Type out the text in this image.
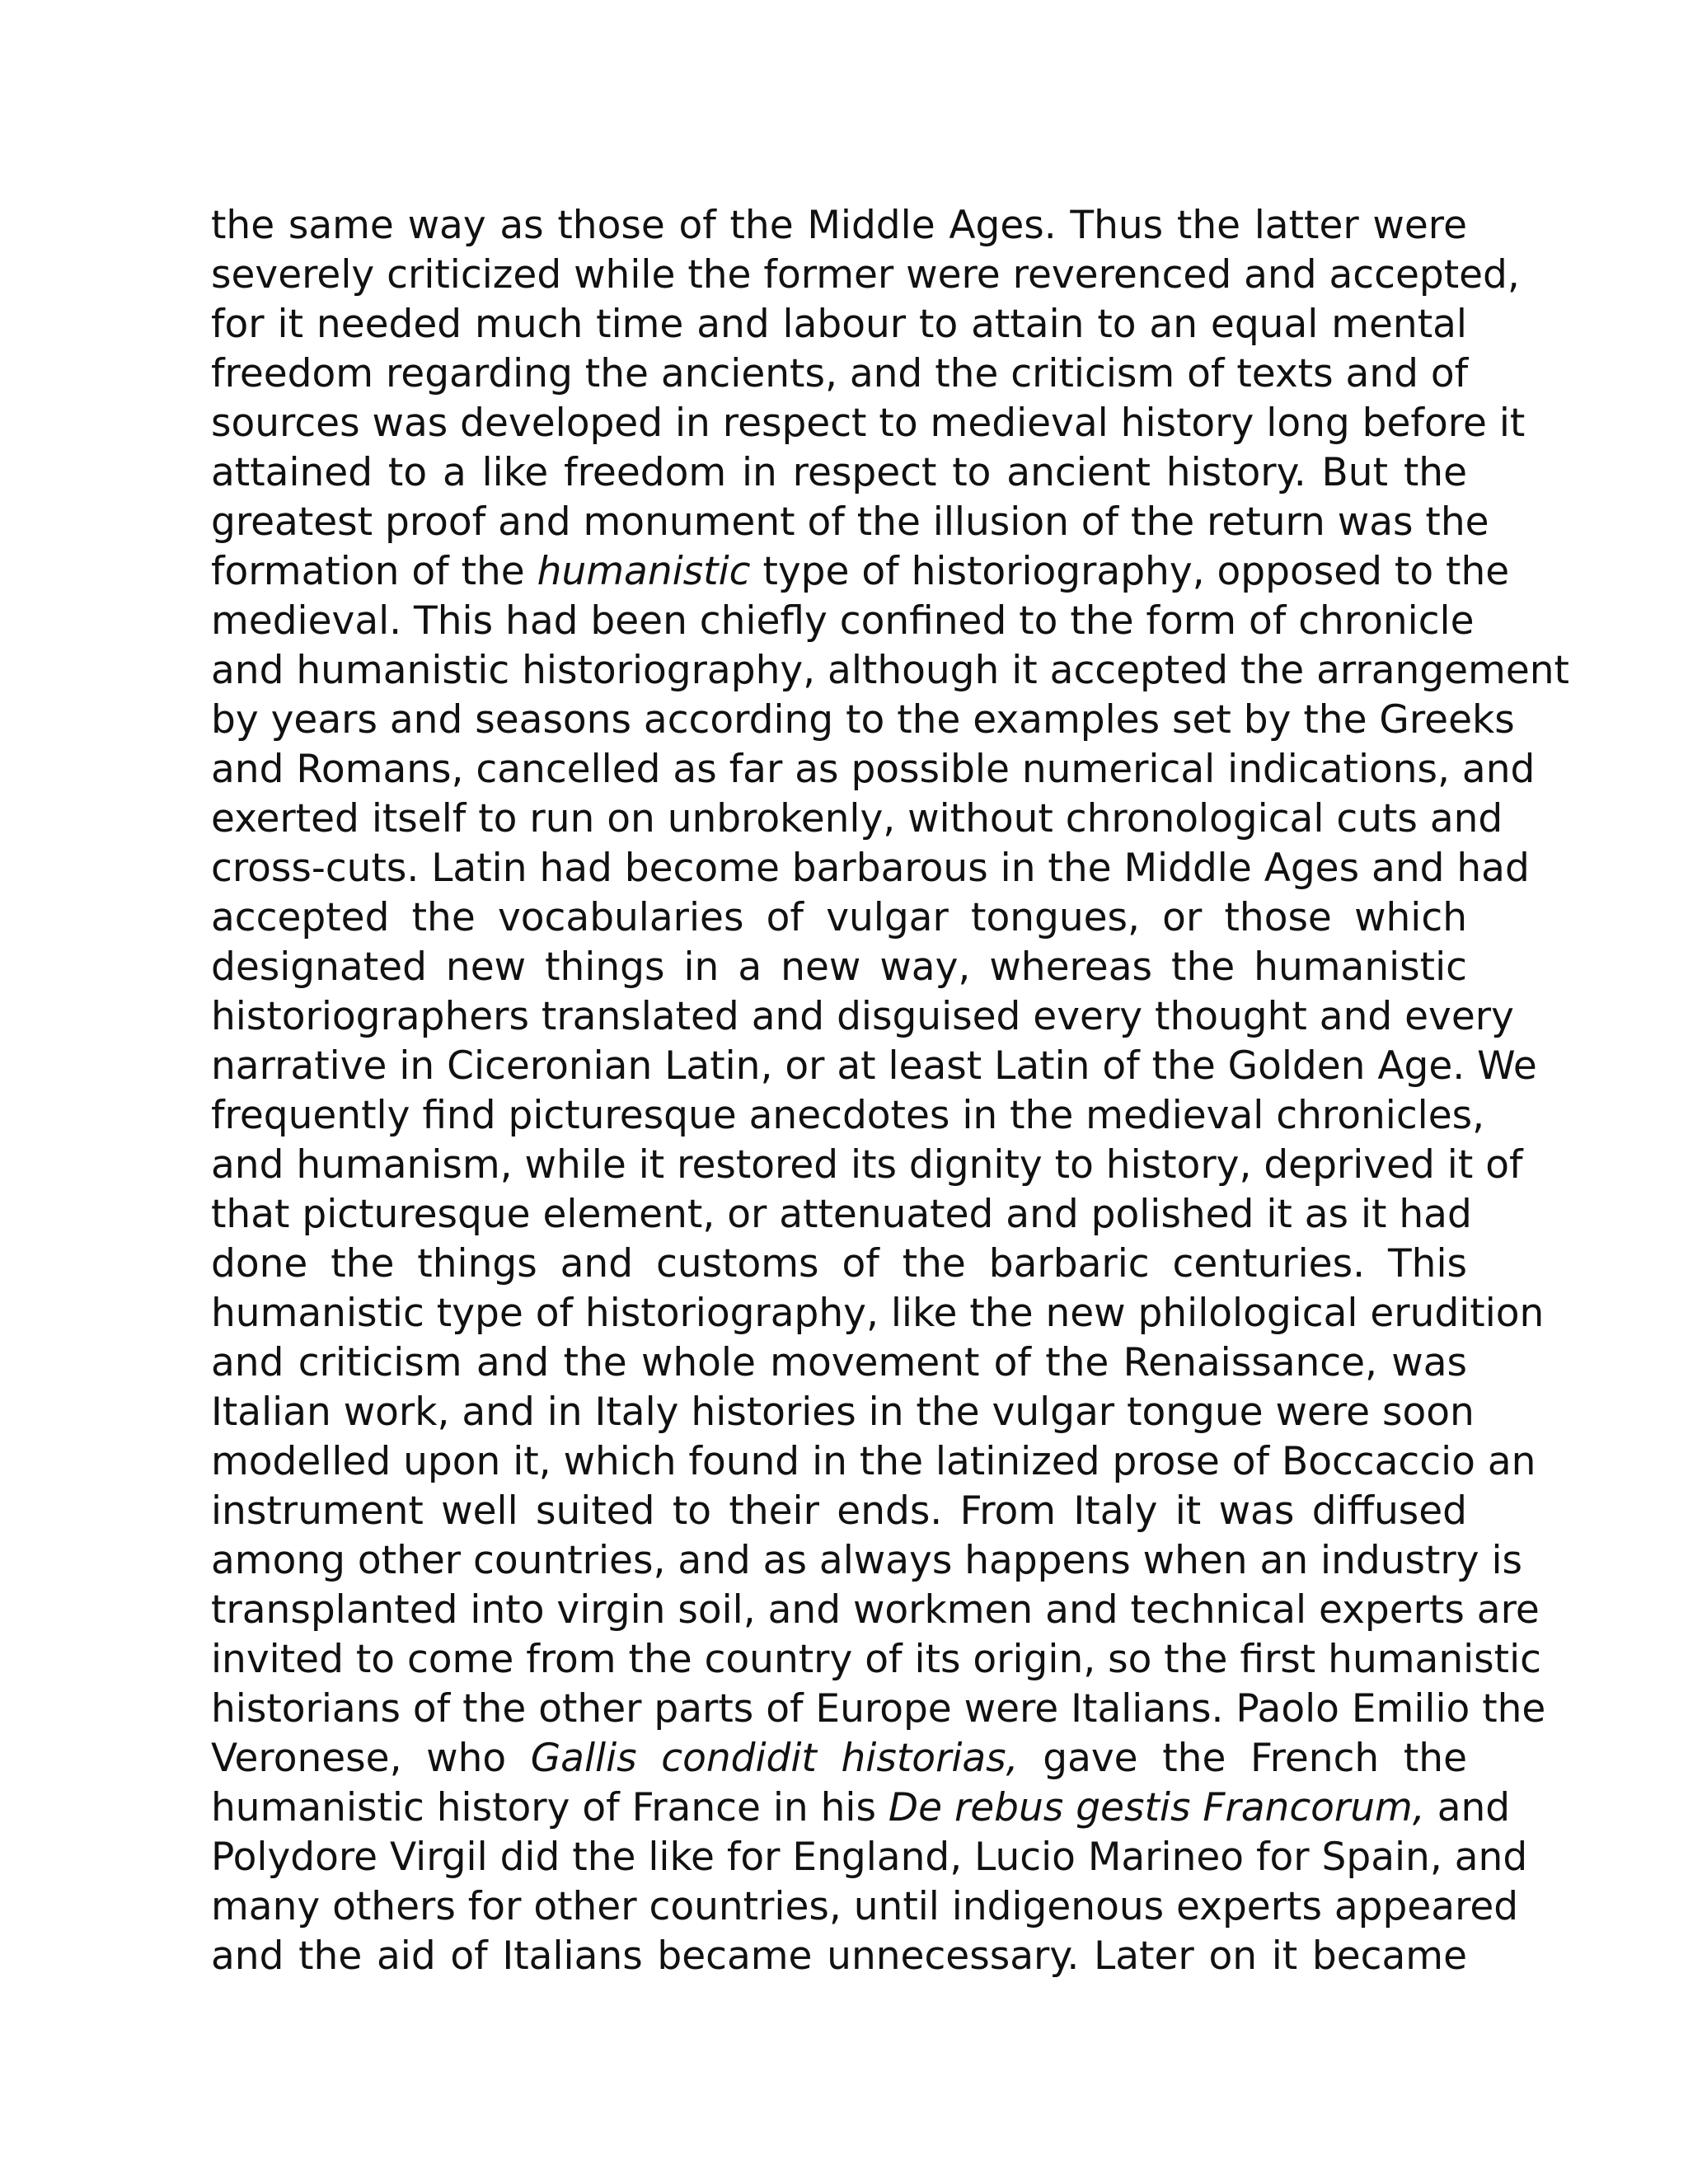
the same way as those of the Middle Ages. Thus the latter were
severely criticized while the former were reverenced and accepted,
for it needed much time and labour to attain to an equal mental
freedom regarding the ancients, and the criticism of texts and of
sources was developed in respect to medieval history long before it
attained to a like freedom in respect to ancient history. But the
greatest proof and monument of the illusion of the return was the
formation of the humanistic type of historiography, opposed to the
medieval. This had been chiefly confined to the form of chronicle
and humanistic historiography, although it accepted the arrangement
by years and seasons according to the examples set by the Greeks
and Romans, cancelled as far as possible numerical indications, and
exerted itself to run on unbrokenly, without chronological cuts and
cross-cuts. Latin had become barbarous in the Middle Ages and had
accepted the vocabularies of vulgar tongues, or those which
designated new things in a new way, whereas the humanistic
historiographers translated and disguised every thought and every
narrative in Ciceronian Latin, or at least Latin of the Golden Age. We
frequently find picturesque anecdotes in the medieval chronicles,
and humanism, while it restored its dignity to history, deprived it of
that picturesque element, or attenuated and polished it as it had
done the things and customs of the barbaric centuries. This
humanistic type of historiography, like the new philological erudition
and criticism and the whole movement of the Renaissance, was
Italian work, and in Italy histories in the vulgar tongue were soon
modelled upon it, which found in the latinized prose of Boccaccio an
instrument well suited to their ends. From Italy it was diffused
among other countries, and as always happens when an industry is
transplanted into virgin soil, and workmen and technical experts are
invited to come from the country of its origin, so the first humanistic
historians of the other parts of Europe were Italians. Paolo Emilio the
Veronese, who Gallis condidit historias, gave the French the
humanistic history of France in his De rebus gestis Francorum, and
Polydore Virgil did the like for England, Lucio Marineo for Spain, and
many others for other countries, until indigenous experts appeared
and the aid of Italians became unnecessary. Later on it became
